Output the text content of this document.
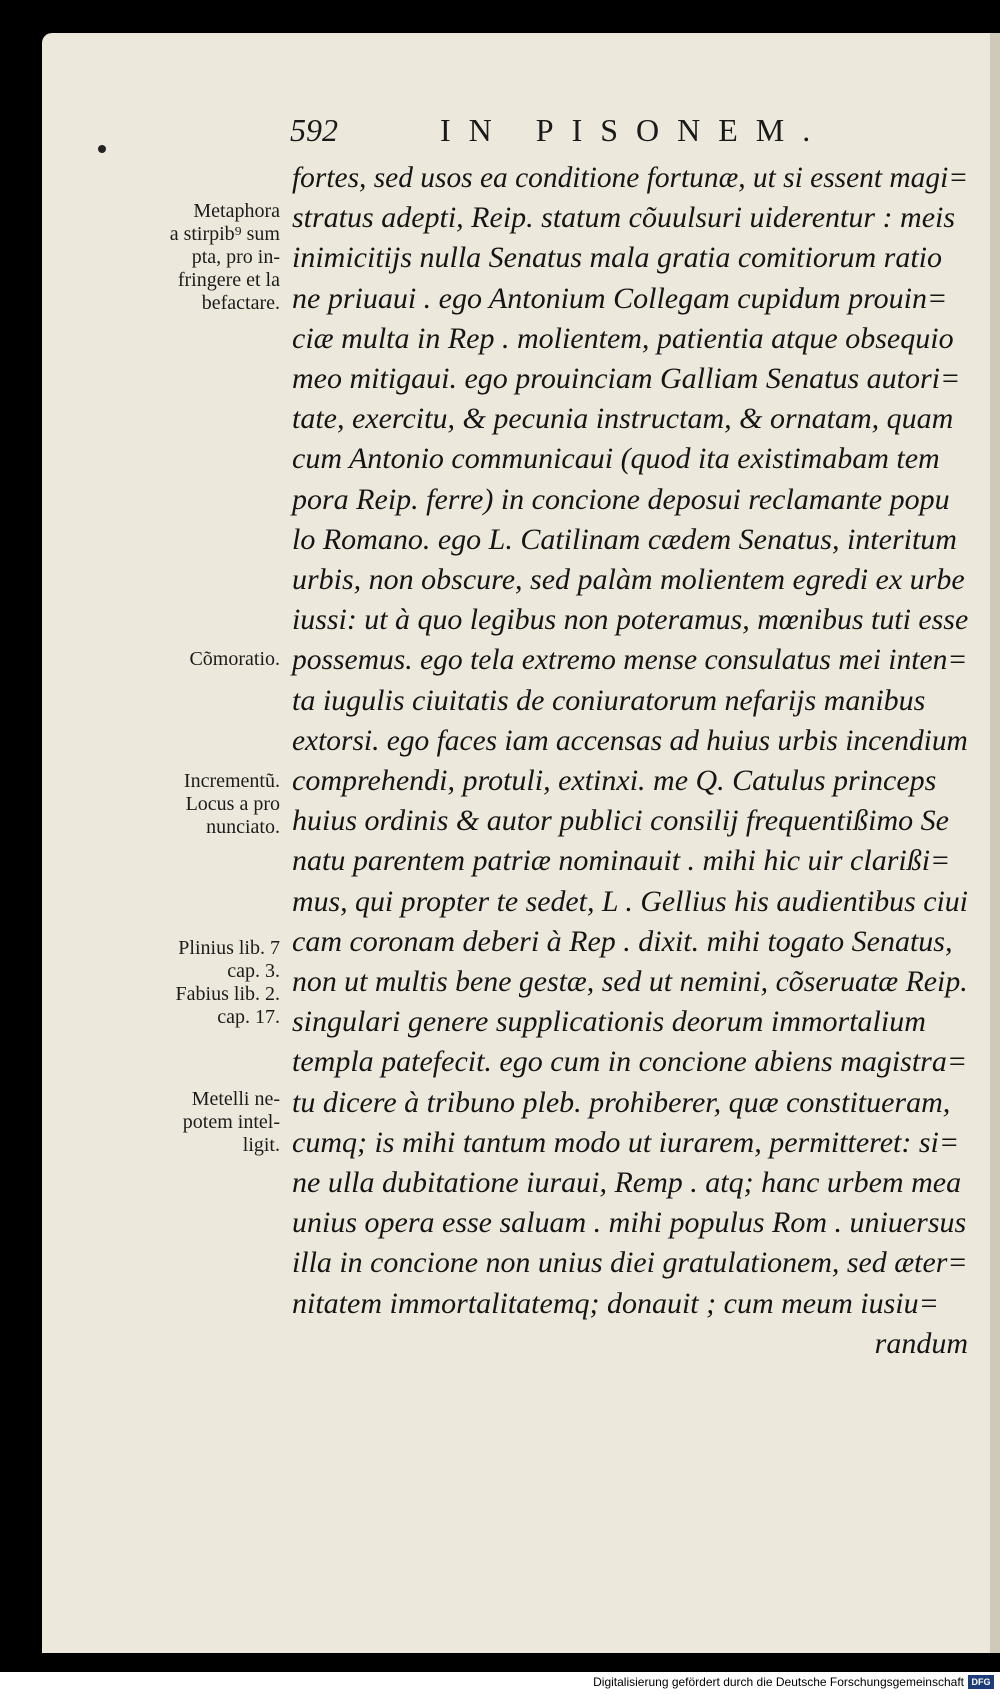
592	IN PISONEM.
fortes, sed usos ea conditione fortunæ, ut si essent magi=
stratus adepti, Reip. statum cõuulsuri uiderentur : meis
inimicitijs nulla Senatus mala gratia comitiorum ratio
ne priuaui . ego Antonium Collegam cupidum prouin=
ciæ multa in Rep . molientem, patientia atque obsequio
meo mitigaui. ego prouinciam Galliam Senatus autori=
tate, exercitu, & pecunia instructam, & ornatam, quam
cum Antonio communicaui (quod ita existimabam tem
pora Reip. ferre) in concione deposui reclamante popu
lo Romano. ego L. Catilinam cædem Senatus, interitum
urbis, non obscure, sed palàm molientem egredi ex urbe
iussi: ut à quo legibus non poteramus, mœnibus tuti esse
possemus. ego tela extremo mense consulatus mei inten=
ta iugulis ciuitatis de coniuratorum nefarijs manibus
extorsi. ego faces iam accensas ad huius urbis incendium
comprehendi, protuli, extinxi. me Q. Catulus princeps
huius ordinis & autor publici consilij frequentißimo Se
natu parentem patriæ nominauit . mihi hic uir clarißi=
mus, qui propter te sedet, L . Gellius his audientibus ciui
cam coronam deberi à Rep . dixit. mihi togato Senatus,
non ut multis bene gestæ, sed ut nemini, cõseruatæ Reip.
singulari genere supplicationis deorum immortalium
templa patefecit. ego cum in concione abiens magistra=
tu dicere à tribuno pleb. prohiberer, quæ constitueram,
cumq; is mihi tantum modo ut iurarem, permitteret: si=
ne ulla dubitatione iuraui, Remp . atq; hanc urbem mea
unius opera esse saluam . mihi populus Rom . uniuersus
illa in concione non unius diei gratulationem, sed æter=
nitatem immortalitatemq; donauit ; cum meum iusiu=
randum
Metaphora
a stirpib⁹ sum
pta, pro in-
fringere et la
befactare.
Cõmoratio.
Incrementũ.
Locus a pro
nunciato.
Plinius lib. 7
cap. 3.
Fabius lib. 2.
cap. 17.
Metelli ne-
potem intel-
ligit.
Digitalisierung gefördert durch die Deutsche Forschungsgemeinschaft DFG
